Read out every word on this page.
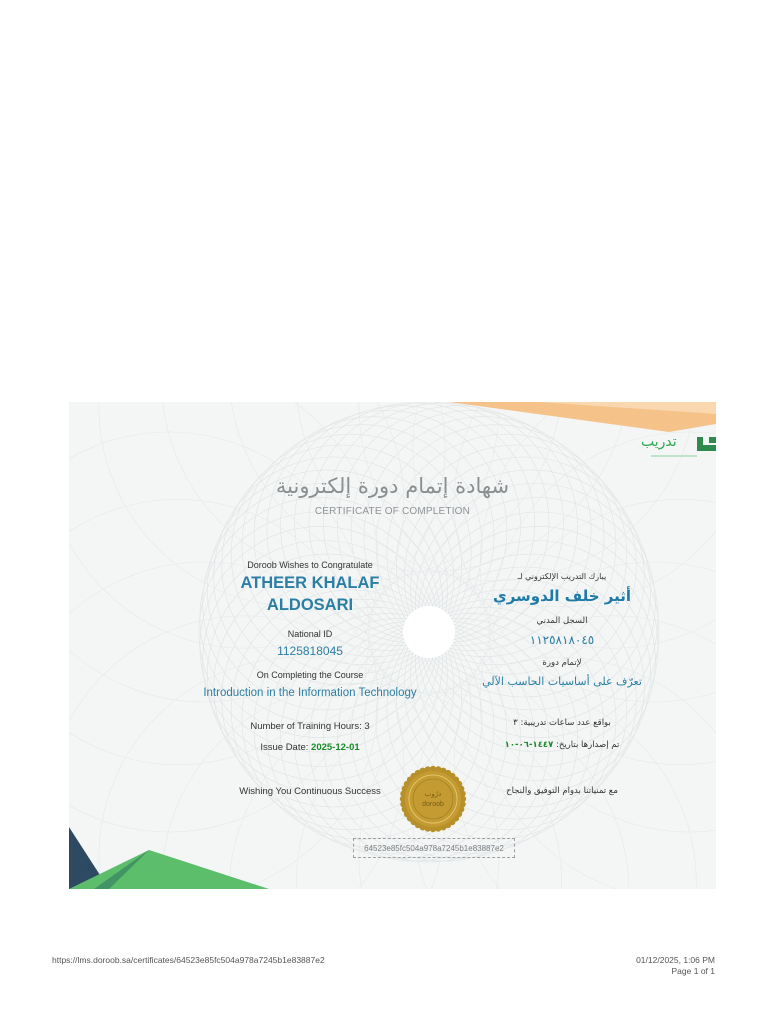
تدريب
شهادة إتمام دورة إلكترونية
CERTIFICATE OF COMPLETION
Doroob Wishes to Congratulate
ATHEER KHALAF ALDOSARI
National ID
1125818045
On Completing the Course
Introduction in the Information Technology
Number of Training Hours: 3
Issue Date: 2025-12-01
Wishing You Continuous Success
يبارك التدريب الإلكتروني لـ
أثير خلف الدوسري
السجل المدني
١١٢٥٨١٨٠٤٥
لإتمام دورة
تعرّف على أساسيات الحاسب الآلي
بواقع عدد ساعات تدريبية: ٣
تم إصدارها بتاريخ: ١٤٤٧-٠٦-١٠
مع تمنياتنا بدوام التوفيق والنجاح
درُوب
doroob
64523e85fc504a978a7245b1e83887e2
https://lms.doroob.sa/certificates/64523e85fc504a978a7245b1e83887e2	01/12/2025, 1:06 PM
Page 1 of 1
